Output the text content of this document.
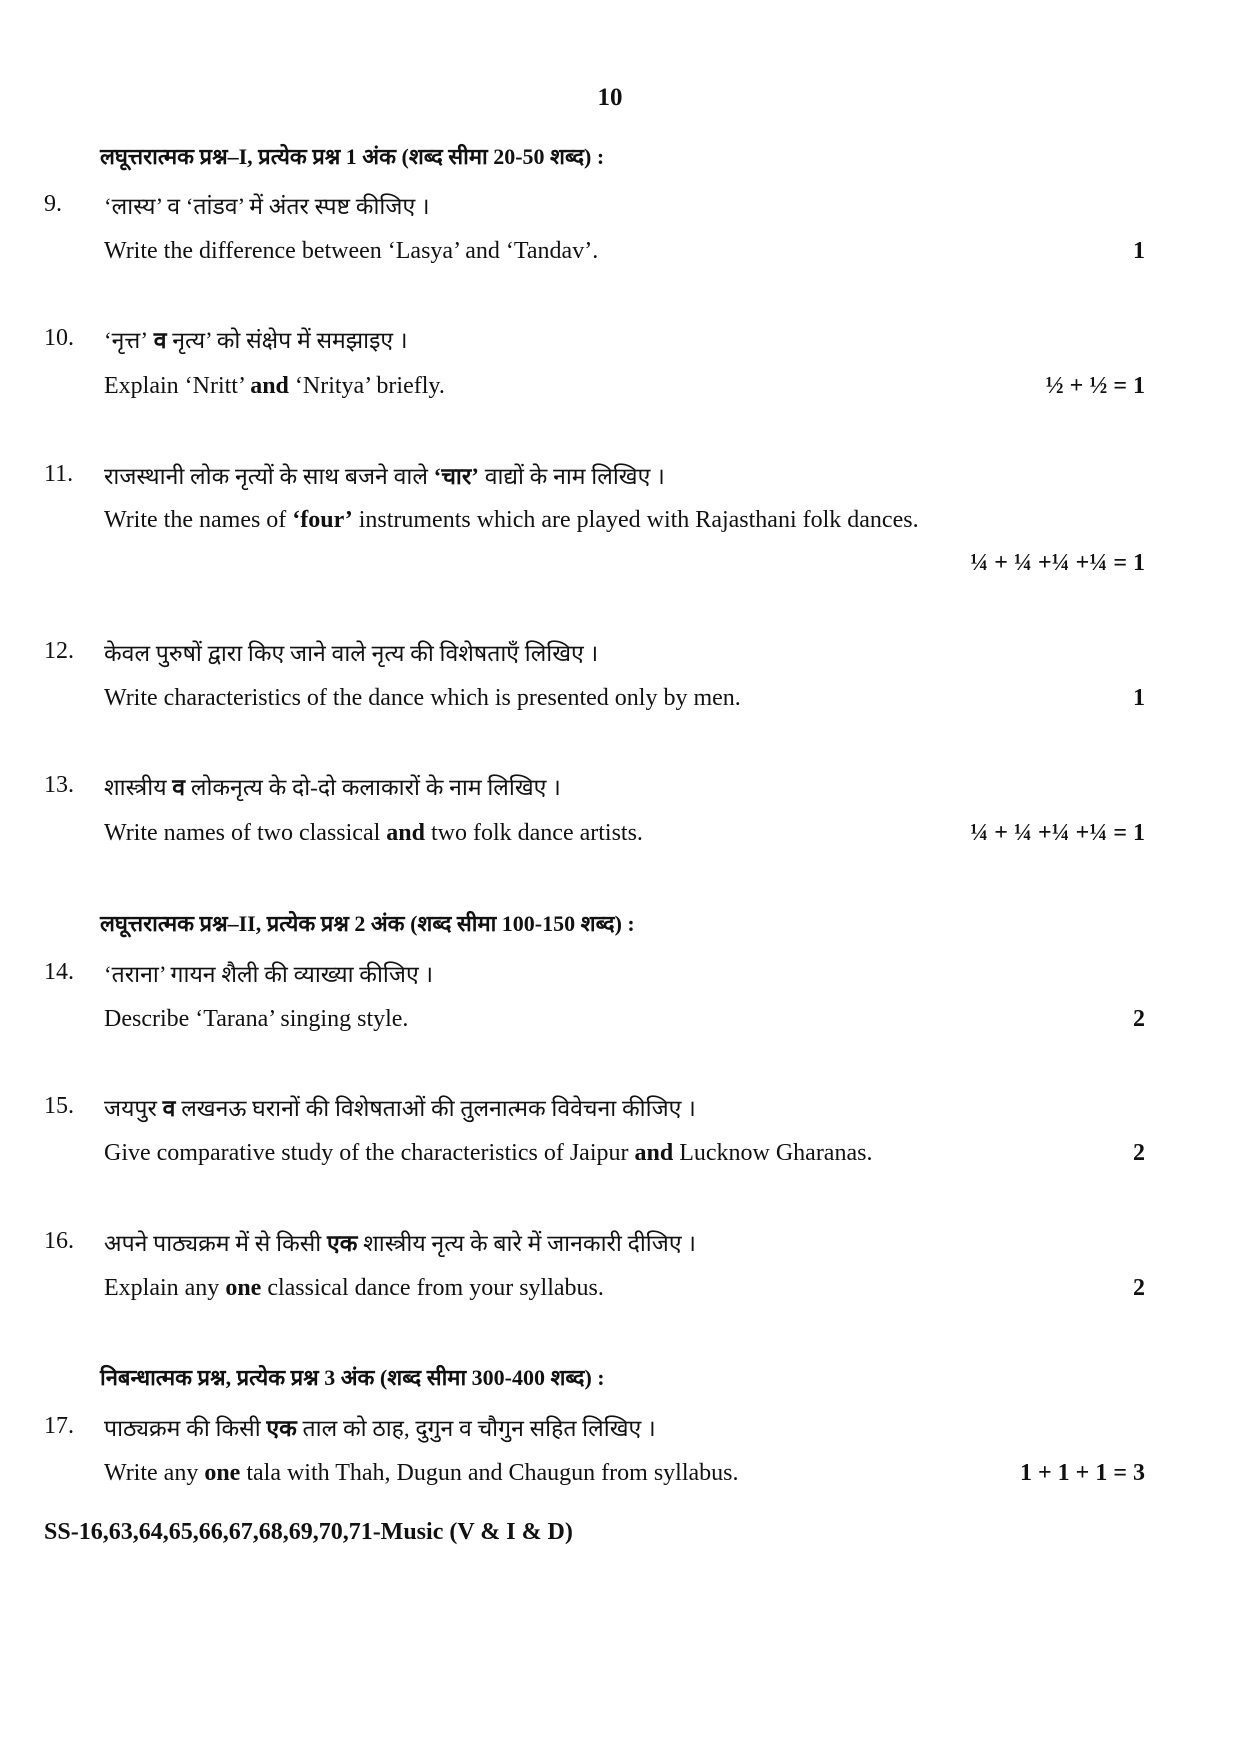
10
लघूत्तरात्मक प्रश्न–I, प्रत्येक प्रश्न 1 अंक (शब्द सीमा 20-50 शब्द) :
9. ‘लास्य’ व ‘तांडव’ में अंतर स्पष्ट कीजिए ।
Write the difference between ‘Lasya’ and ‘Tandav’.	1
10. ‘नृत्त’ व नृत्य’ को संक्षेप में समझाइए ।
Explain ‘Nritt’ and ‘Nritya’ briefly.	½ + ½ = 1
11. राजस्थानी लोक नृत्यों के साथ बजने वाले ‘चार’ वाद्यों के नाम लिखिए ।
Write the names of ‘four’ instruments which are played with Rajasthani folk dances.
¼ + ¼ +¼ +¼ = 1
12. केवल पुरुषों द्वारा किए जाने वाले नृत्य की विशेषताएँ लिखिए ।
Write characteristics of the dance which is presented only by men.	1
13. शास्त्रीय व लोकनृत्य के दो-दो कलाकारों के नाम लिखिए ।
Write names of two classical and two folk dance artists.	¼ + ¼ +¼ +¼ = 1
लघूत्तरात्मक प्रश्न–II, प्रत्येक प्रश्न 2 अंक (शब्द सीमा 100-150 शब्द) :
14. ‘तराना’ गायन शैली की व्याख्या कीजिए ।
Describe ‘Tarana’ singing style.	2
15. जयपुर व लखनऊ घरानों की विशेषताओं की तुलनात्मक विवेचना कीजिए ।
Give comparative study of the characteristics of Jaipur and Lucknow Gharanas.	2
16. अपने पाठ्यक्रम में से किसी एक शास्त्रीय नृत्य के बारे में जानकारी दीजिए ।
Explain any one classical dance from your syllabus.	2
निबन्धात्मक प्रश्न, प्रत्येक प्रश्न 3 अंक (शब्द सीमा 300-400 शब्द) :
17. पाठ्यक्रम की किसी एक ताल को ठाह, दुगुन व चौगुन सहित लिखिए ।
Write any one tala with Thah, Dugun and Chaugun from syllabus.	1 + 1 + 1 = 3
SS-16,63,64,65,66,67,68,69,70,71-Music (V & I & D)
